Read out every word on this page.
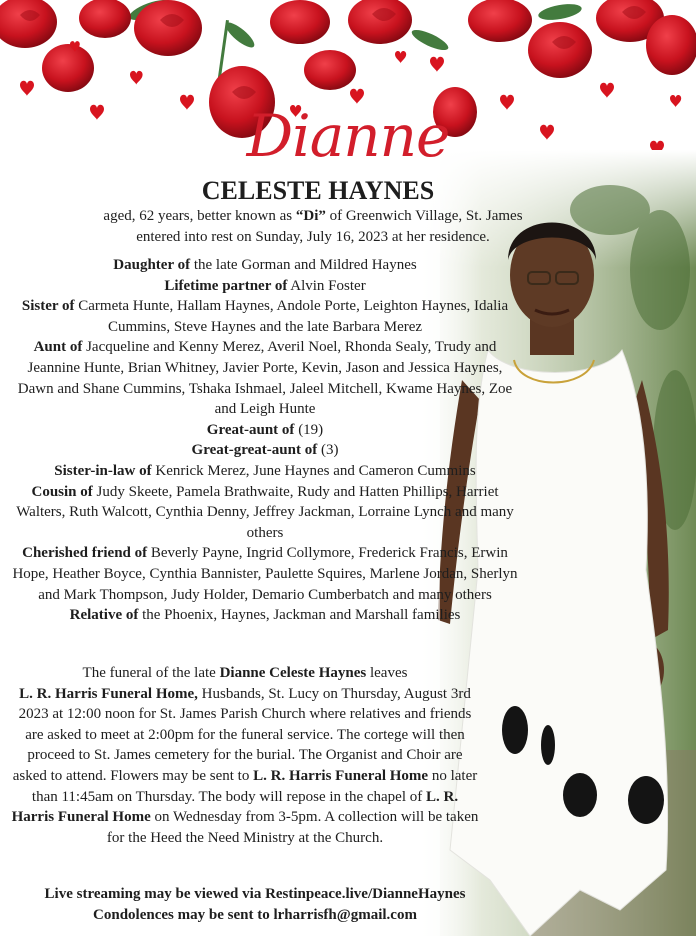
Dianne
CELESTE HAYNES
aged, 62 years, better known as “Di” of Greenwich Village, St. James
entered into rest on Sunday, July 16, 2023 at her residence.
Daughter of the late Gorman and Mildred Haynes
Lifetime partner of Alvin Foster
Sister of Carmeta Hunte, Hallam Haynes, Andole Porte, Leighton Haynes, Idalia Cummins, Steve Haynes and the late Barbara Merez
Aunt of Jacqueline and Kenny Merez, Averil Noel, Rhonda Sealy, Trudy and Jeannine Hunte, Brian Whitney, Javier Porte, Kevin, Jason and Jessica Haynes, Dawn and Shane Cummins, Tshaka Ishmael, Jaleel Mitchell, Kwame Haynes, Zoe and Leigh Hunte
Great-aunt of (19)
Great-great-aunt of (3)
Sister-in-law of Kenrick Merez, June Haynes and Cameron Cummins
Cousin of Judy Skeete, Pamela Brathwaite, Rudy and Hatten Phillips, Harriet Walters, Ruth Walcott, Cynthia Denny, Jeffrey Jackman, Lorraine Lynch and many others
Cherished friend of Beverly Payne, Ingrid Collymore, Frederick Francis, Erwin Hope, Heather Boyce, Cynthia Bannister, Paulette Squires, Marlene Jordan, Sherlyn and Mark Thompson, Judy Holder, Demario Cumberbatch and many others
Relative of the Phoenix, Haynes, Jackman and Marshall families
The funeral of the late Dianne Celeste Haynes leaves
L. R. Harris Funeral Home, Husbands, St. Lucy on Thursday, August 3rd 2023 at 12:00 noon for St. James Parish Church where relatives and friends are asked to meet at 2:00pm for the funeral service. The cortege will then proceed to St. James cemetery for the burial. The Organist and Choir are asked to attend. Flowers may be sent to L. R. Harris Funeral Home no later than 11:45am on Thursday. The body will repose in the chapel of L. R. Harris Funeral Home on Wednesday from 3-5pm. A collection will be taken for the Heed the Need Ministry at the Church.
Live streaming may be viewed via Restinpeace.live/DianneHaynes
Condolences may be sent to lrharrisfh@gmail.com
